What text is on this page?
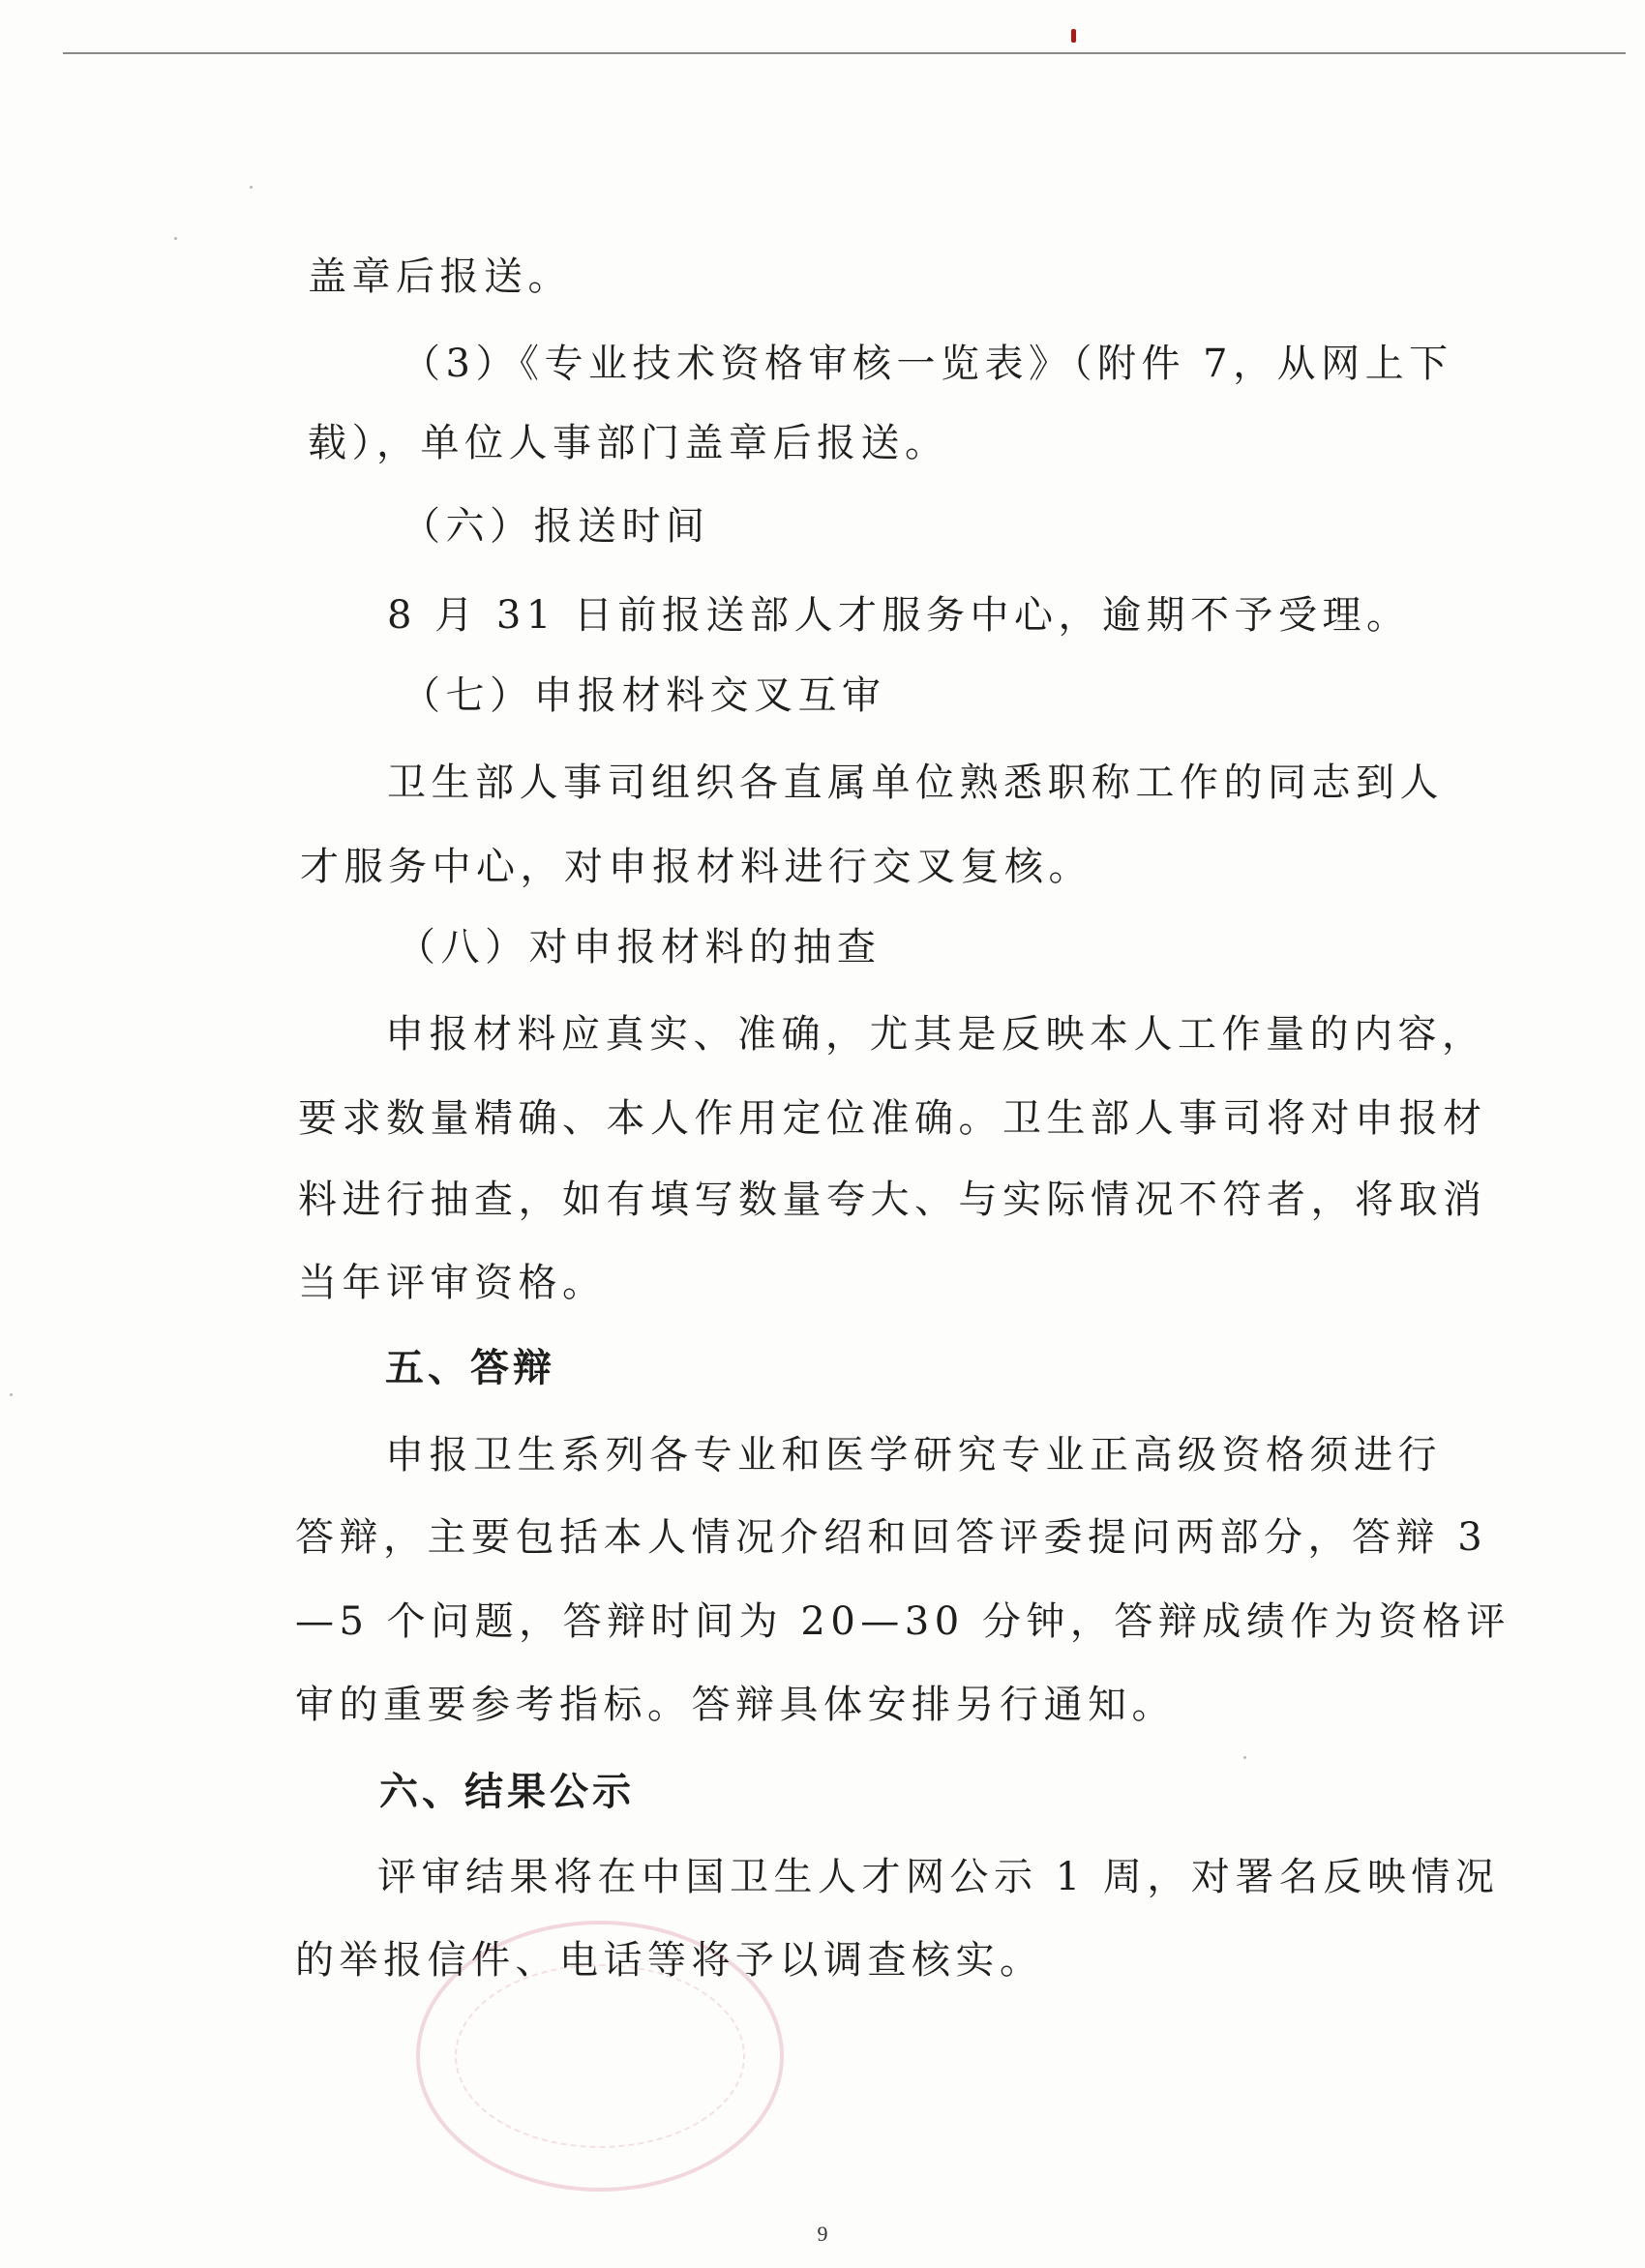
盖章后报送。

（3）《专业技术资格审核一览表》（附件 7，从网上下

载），单位人事部门盖章后报送。

（六）报送时间

8 月 31 日前报送部人才服务中心，逾期不予受理。

（七）申报材料交叉互审

卫生部人事司组织各直属单位熟悉职称工作的同志到人

才服务中心，对申报材料进行交叉复核。

（八）对申报材料的抽查

申报材料应真实、准确，尤其是反映本人工作量的内容，

要求数量精确、本人作用定位准确。卫生部人事司将对申报材

料进行抽查，如有填写数量夸大、与实际情况不符者，将取消

当年评审资格。

五、答辩

申报卫生系列各专业和医学研究专业正高级资格须进行

答辩，主要包括本人情况介绍和回答评委提问两部分，答辩 3

—5 个问题，答辩时间为 20—30 分钟，答辩成绩作为资格评

审的重要参考指标。答辩具体安排另行通知。

六、结果公示

评审结果将在中国卫生人才网公示 1 周，对署名反映情况

的举报信件、电话等将予以调查核实。

9
